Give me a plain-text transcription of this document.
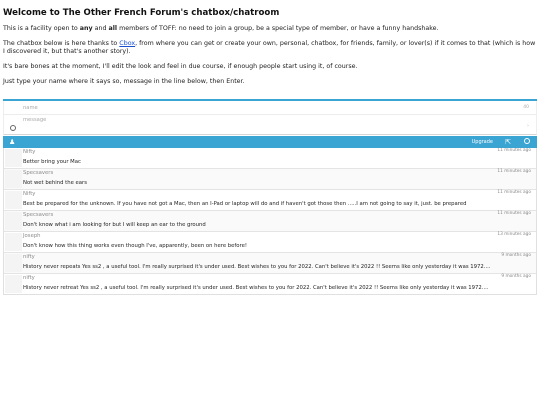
Welcome to The Other French Forum's chatbox/chatroom

This is a facility open to any and all members of TOFF: no need to join a group, be a special type of member, or have a funny handshake.

The chatbox below is here thanks to Cbox, from where you can get or create your own, personal, chatbox, for friends, family, or lover(s) if it comes to that (which is how I discovered it, but that's another story).

It's bare bones at the moment, I'll edit the look and feel in due course, if enough people start using it, of course.

Just type your name where it says so, message in the line below, then Enter.

name	40
message
›
◡
♟	Upgrade ⇱
Nifty	11 minutes ago
Better bring your Mac
Specsavers	11 minutes ago
Not wet behind the ears
Nifty	11 minutes ago
Best be prepared for the unknown. If you have not got a Mac, then an I-Pad or laptop will do and if haven't got those then .....I am not going to say it, just. be prepared
Specsavers	11 minutes ago
Don't know what i am looking for but I will keep an ear to the ground
Joseph	13 minutes ago
Don't know how this thing works even though I've, apparently, been on here before!
nifty	9 months ago
History never repeats Yes ss2 , a useful tool. I'm really surprised it's under used. Best wishes to you for 2022. Can't believe it's 2022 !! Seems like only yesterday it was 1972....
nifty	9 months ago
History never retreat Yes ss2 , a useful tool. I'm really surprised it's under used. Best wishes to you for 2022. Can't believe it's 2022 !! Seems like only yesterday it was 1972....
